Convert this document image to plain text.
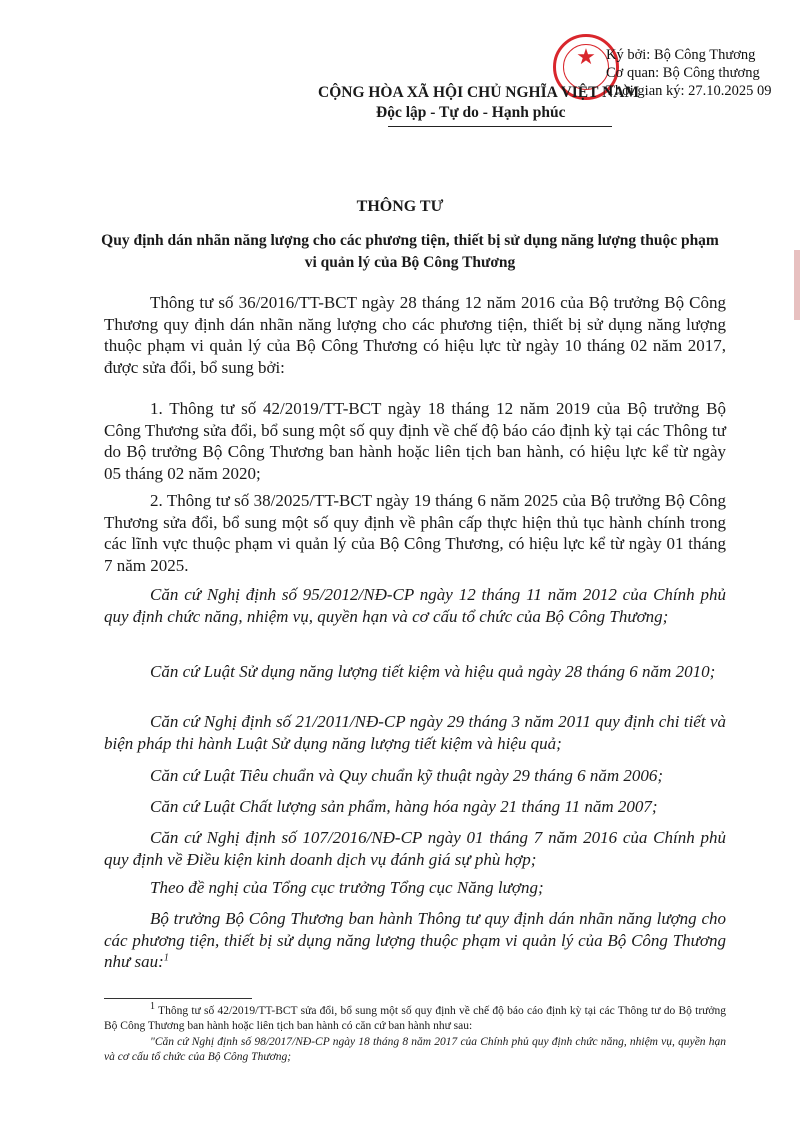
★ Ký bởi: Bộ Công Thương
Cơ quan: Bộ Công thương
Thời gian ký: 27.10.2025 09
CỘNG HÒA XÃ HỘI CHỦ NGHĨA VIỆT NAM
Độc lập - Tự do - Hạnh phúc
THÔNG TƯ
Quy định dán nhãn năng lượng cho các phương tiện, thiết bị sử dụng năng lượng thuộc phạm vi quản lý của Bộ Công Thương
Thông tư số 36/2016/TT-BCT ngày 28 tháng 12 năm 2016 của Bộ trưởng Bộ Công Thương quy định dán nhãn năng lượng cho các phương tiện, thiết bị sử dụng năng lượng thuộc phạm vi quản lý của Bộ Công Thương có hiệu lực từ ngày 10 tháng 02 năm 2017, được sửa đổi, bổ sung bởi:
1. Thông tư số 42/2019/TT-BCT ngày 18 tháng 12 năm 2019 của Bộ trưởng Bộ Công Thương sửa đổi, bổ sung một số quy định về chế độ báo cáo định kỳ tại các Thông tư do Bộ trưởng Bộ Công Thương ban hành hoặc liên tịch ban hành, có hiệu lực kể từ ngày 05 tháng 02 năm 2020;
2. Thông tư số 38/2025/TT-BCT ngày 19 tháng 6 năm 2025 của Bộ trưởng Bộ Công Thương sửa đổi, bổ sung một số quy định về phân cấp thực hiện thủ tục hành chính trong các lĩnh vực thuộc phạm vi quản lý của Bộ Công Thương, có hiệu lực kể từ ngày 01 tháng 7 năm 2025.
Căn cứ Nghị định số 95/2012/NĐ-CP ngày 12 tháng 11 năm 2012 của Chính phủ quy định chức năng, nhiệm vụ, quyền hạn và cơ cấu tổ chức của Bộ Công Thương;
Căn cứ Luật Sử dụng năng lượng tiết kiệm và hiệu quả ngày 28 tháng 6 năm 2010;
Căn cứ Nghị định số 21/2011/NĐ-CP ngày 29 tháng 3 năm 2011 quy định chi tiết và biện pháp thi hành Luật Sử dụng năng lượng tiết kiệm và hiệu quả;
Căn cứ Luật Tiêu chuẩn và Quy chuẩn kỹ thuật ngày 29 tháng 6 năm 2006;
Căn cứ Luật Chất lượng sản phẩm, hàng hóa ngày 21 tháng 11 năm 2007;
Căn cứ Nghị định số 107/2016/NĐ-CP ngày 01 tháng 7 năm 2016 của Chính phủ quy định về Điều kiện kinh doanh dịch vụ đánh giá sự phù hợp;
Theo đề nghị của Tổng cục trưởng Tổng cục Năng lượng;
Bộ trưởng Bộ Công Thương ban hành Thông tư quy định dán nhãn năng lượng cho các phương tiện, thiết bị sử dụng năng lượng thuộc phạm vi quản lý của Bộ Công Thương như sau:$^1$
$^1$ Thông tư số 42/2019/TT-BCT sửa đổi, bổ sung một số quy định về chế độ báo cáo định kỳ tại các Thông tư do Bộ trưởng Bộ Công Thương ban hành hoặc liên tịch ban hành có căn cứ ban hành như sau:
"Căn cứ Nghị định số 98/2017/NĐ-CP ngày 18 tháng 8 năm 2017 của Chính phủ quy định chức năng, nhiệm vụ, quyền hạn và cơ cấu tổ chức của Bộ Công Thương;
